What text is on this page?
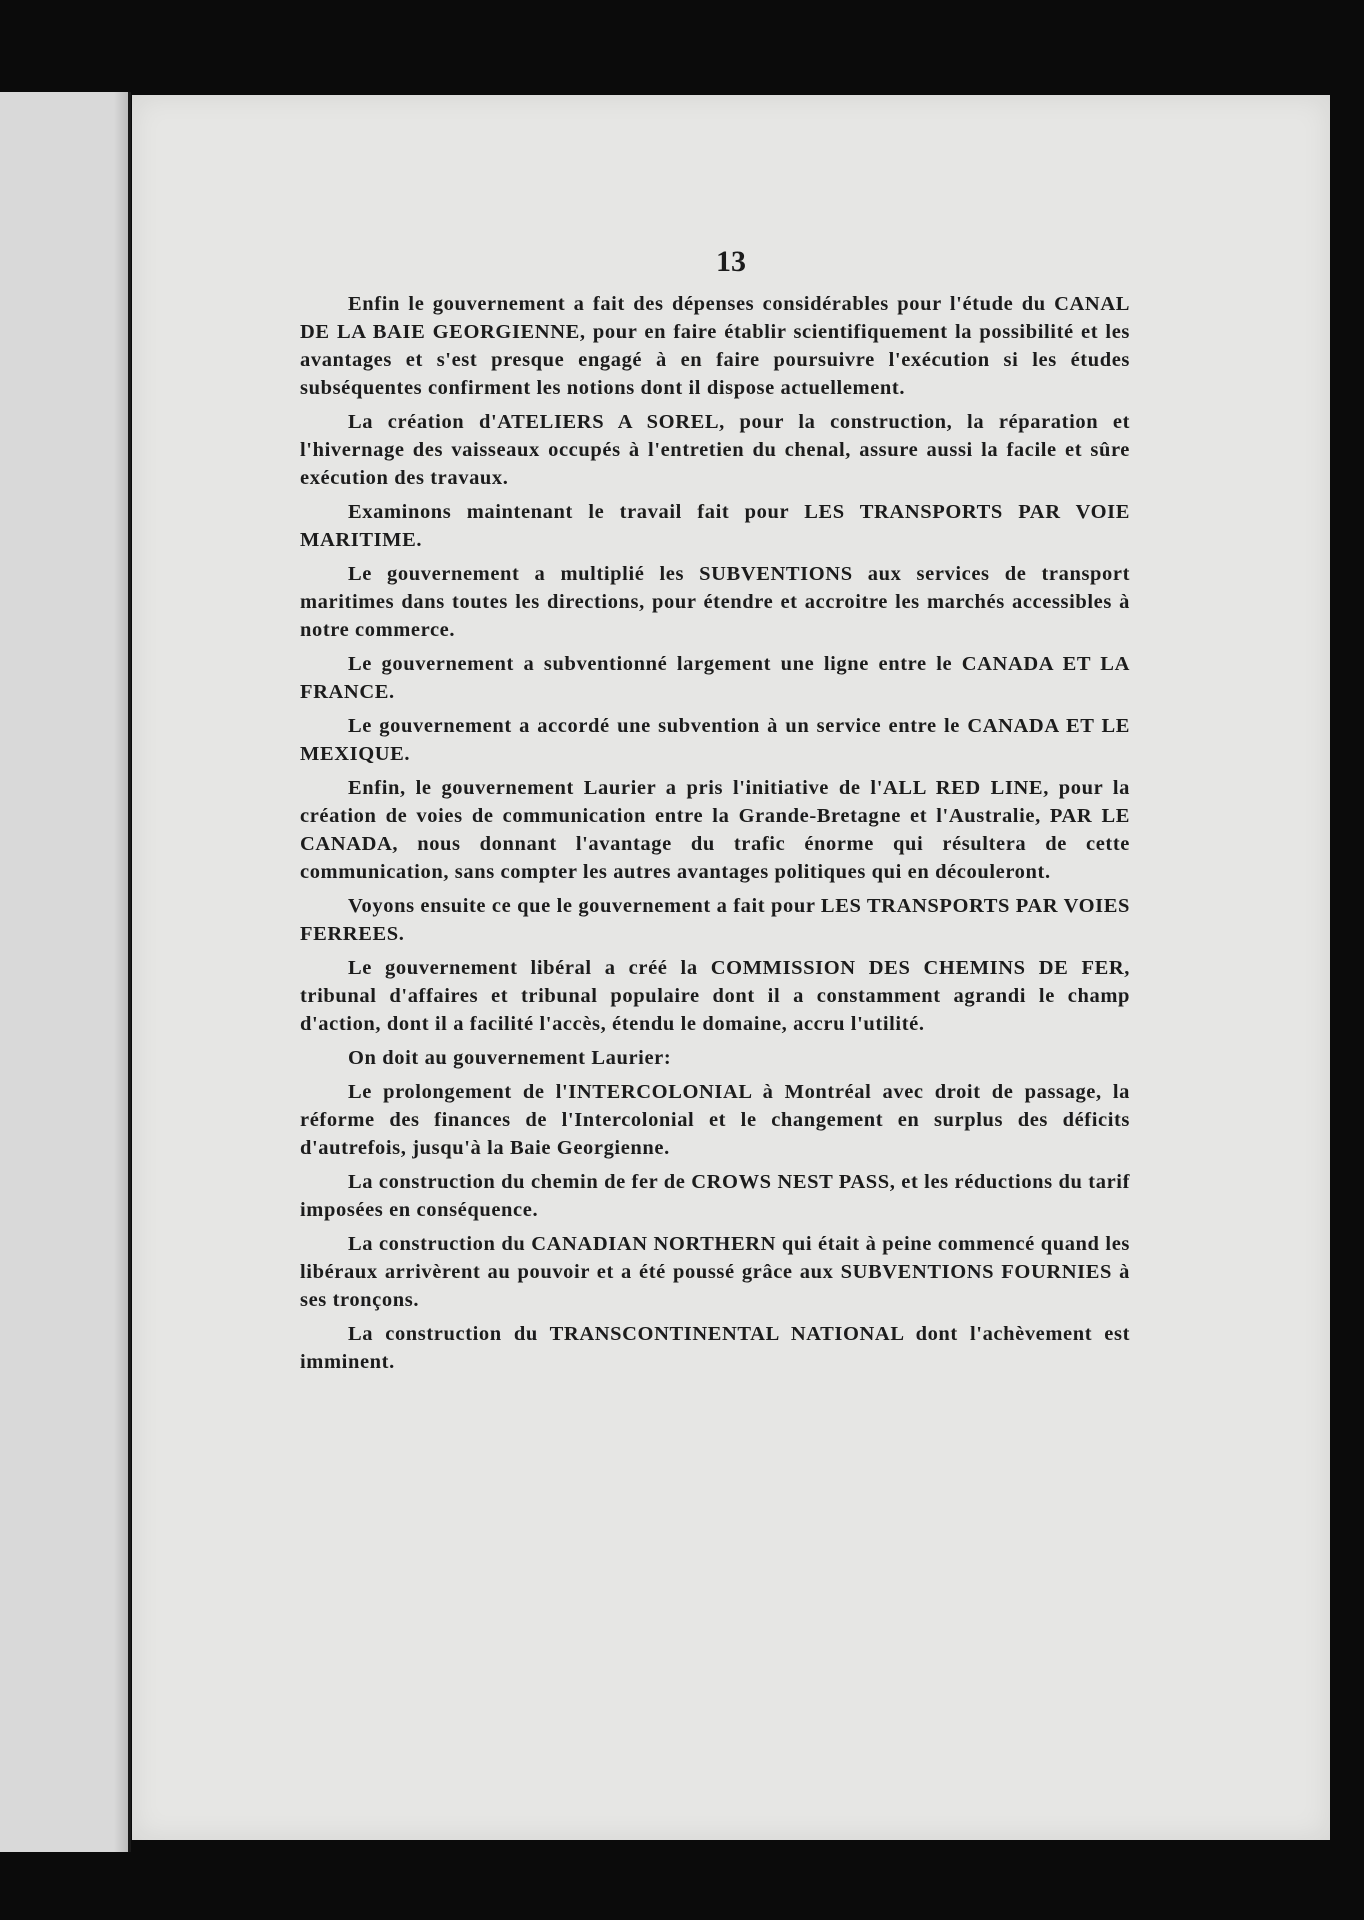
13

Enfin le gouvernement a fait des dépenses considérables pour l'étude du CANAL DE LA BAIE GEORGIENNE, pour en faire établir scientifiquement la possibilité et les avantages et s'est presque engagé à en faire poursuivre l'exécution si les études subséquentes confirment les notions dont il dispose actuellement.

La création d'ATELIERS A SOREL, pour la construction, la réparation et l'hivernage des vaisseaux occupés à l'entretien du chenal, assure aussi la facile et sûre exécution des travaux.

Examinons maintenant le travail fait pour LES TRANSPORTS PAR VOIE MARITIME.

Le gouvernement a multiplié les SUBVENTIONS aux services de transport maritimes dans toutes les directions, pour étendre et accroitre les marchés accessibles à notre commerce.

Le gouvernement a subventionné largement une ligne entre le CANADA ET LA FRANCE.

Le gouvernement a accordé une subvention à un service entre le CANADA ET LE MEXIQUE.

Enfin, le gouvernement Laurier a pris l'initiative de l'ALL RED LINE, pour la création de voies de communication entre la Grande-Bretagne et l'Australie, PAR LE CANADA, nous donnant l'avantage du trafic énorme qui résultera de cette communication, sans compter les autres avantages politiques qui en découleront.

Voyons ensuite ce que le gouvernement a fait pour LES TRANSPORTS PAR VOIES FERREES.

Le gouvernement libéral a créé la COMMISSION DES CHEMINS DE FER, tribunal d'affaires et tribunal populaire dont il a constamment agrandi le champ d'action, dont il a facilité l'accès, étendu le domaine, accru l'utilité.

On doit au gouvernement Laurier:

Le prolongement de l'INTERCOLONIAL à Montréal avec droit de passage, la réforme des finances de l'Intercolonial et le changement en surplus des déficits d'autrefois, jusqu'à la Baie Georgienne.

La construction du chemin de fer de CROWS NEST PASS, et les réductions du tarif imposées en conséquence.

La construction du CANADIAN NORTHERN qui était à peine commencé quand les libéraux arrivèrent au pouvoir et a été poussé grâce aux SUBVENTIONS FOURNIES à ses tronçons.

La construction du TRANSCONTINENTAL NATIONAL dont l'achèvement est imminent.
